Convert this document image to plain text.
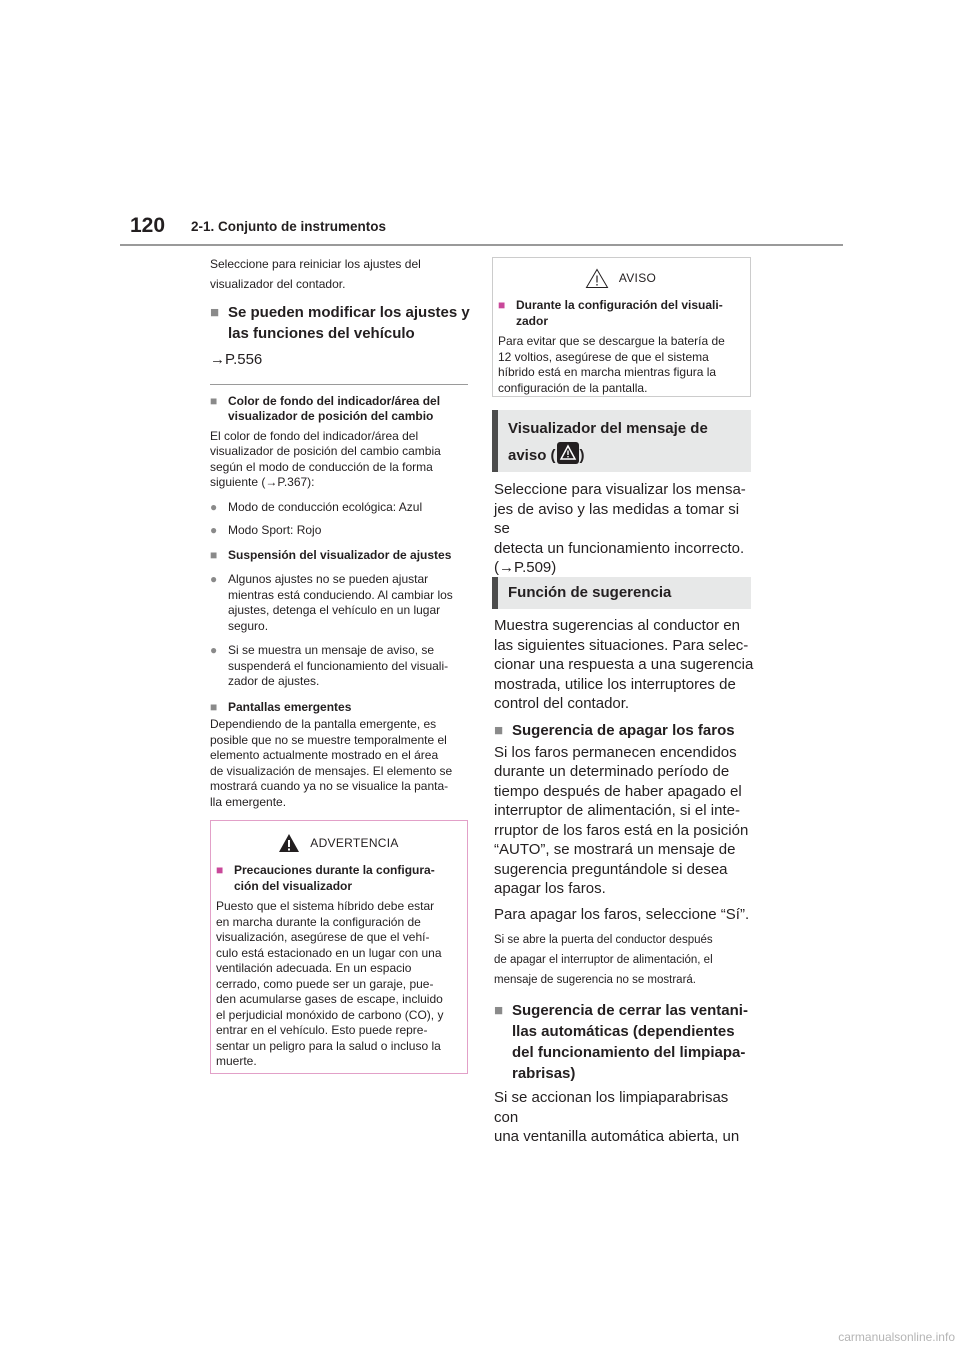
120 2-1. Conjunto de instrumentos

Seleccione para reiniciar los ajustes del visualizador del contador.

■ Se pueden modificar los ajustes y
las funciones del vehículo

→P.556

■ Color de fondo del indicador/área del
visualizador de posición del cambio
El color de fondo del indicador/área del
visualizador de posición del cambio cambia
según el modo de conducción de la forma
siguiente (→P.367):
● Modo de conducción ecológica: Azul
● Modo Sport: Rojo
■ Suspensión del visualizador de ajustes
● Algunos ajustes no se pueden ajustar
mientras está conduciendo. Al cambiar los
ajustes, detenga el vehículo en un lugar
seguro.
● Si se muestra un mensaje de aviso, se
suspenderá el funcionamiento del visuali-
zador de ajustes.
■ Pantallas emergentes
Dependiendo de la pantalla emergente, es
posible que no se muestre temporalmente el
elemento actualmente mostrado en el área
de visualización de mensajes. El elemento se
mostrará cuando ya no se visualice la panta-
lla emergente.
ADVERTENCIA
■ Precauciones durante la configura-
ción del visualizador
Puesto que el sistema híbrido debe estar
en marcha durante la configuración de
visualización, asegúrese de que el vehí-
culo está estacionado en un lugar con una
ventilación adecuada. En un espacio
cerrado, como puede ser un garaje, pue-
den acumularse gases de escape, incluido
el perjudicial monóxido de carbono (CO), y
entrar en el vehículo. Esto puede repre-
sentar un peligro para la salud o incluso la
muerte.
AVISO
■ Durante la configuración del visuali-
zador
Para evitar que se descargue la batería de
12 voltios, asegúrese de que el sistema
híbrido está en marcha mientras figura la
configuración de la pantalla.
Visualizador del mensaje de
aviso ( )
Seleccione para visualizar los mensa-
jes de aviso y las medidas a tomar si se
detecta un funcionamiento incorrecto.
(→P.509)
Función de sugerencia
Muestra sugerencias al conductor en
las siguientes situaciones. Para selec-
cionar una respuesta a una sugerencia
mostrada, utilice los interruptores de
control del contador.
■ Sugerencia de apagar los faros
Si los faros permanecen encendidos
durante un determinado período de
tiempo después de haber apagado el
interruptor de alimentación, si el inte-
rruptor de los faros está en la posición
“AUTO”, se mostrará un mensaje de
sugerencia preguntándole si desea
apagar los faros.
Para apagar los faros, seleccione “Sí”.
Si se abre la puerta del conductor después
de apagar el interruptor de alimentación, el
mensaje de sugerencia no se mostrará.
■ Sugerencia de cerrar las ventani-
llas automáticas (dependientes
del funcionamiento del limpiapa-
rabrisas)
Si se accionan los limpiaparabrisas con
una ventanilla automática abierta, un
carmanualsonline.info
